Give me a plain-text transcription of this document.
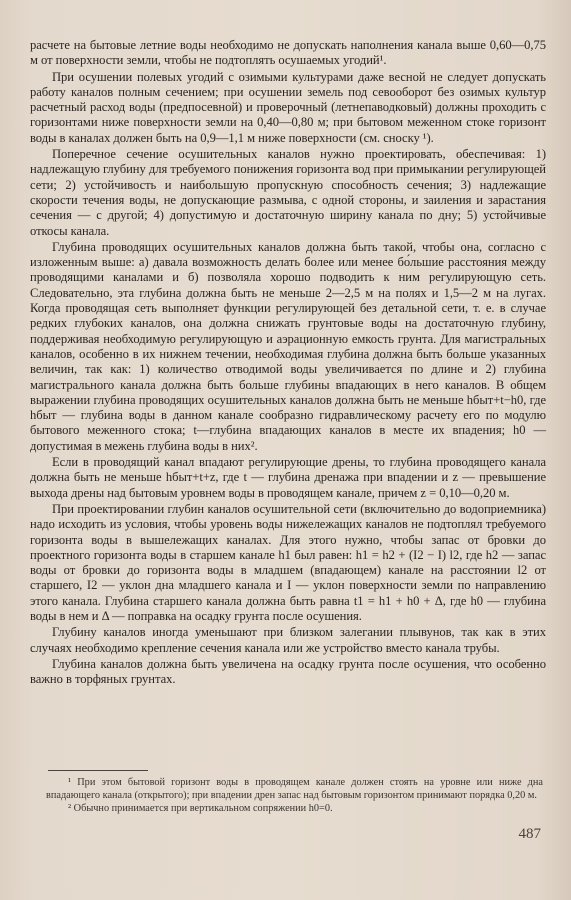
расчете на бытовые летние воды необходимо не допускать наполнения канала выше 0,60—0,75 м от поверхности земли, чтобы не подтоплять осушаемых угодий¹.

При осушении полевых угодий с озимыми культурами даже весной не следует допускать работу каналов полным сечением; при осушении земель под севооборот без озимых культур расчетный расход воды (предпосевной) и проверочный (летнепаводковый) должны проходить с горизонтами ниже поверхности земли на 0,40—0,80 м; при бытовом меженном стоке горизонт воды в каналах должен быть на 0,9—1,1 м ниже поверхности (см. сноску ¹).

Поперечное сечение осушительных каналов нужно проектировать, обеспечивая: 1) надлежащую глубину для требуемого понижения горизонта вод при примыкании регулирующей сети; 2) устойчивость и наибольшую пропускную способность сечения; 3) надлежащие скорости течения воды, не допускающие размыва, с одной стороны, и заиления и зарастания сечения — с другой; 4) допустимую и достаточную ширину канала по дну; 5) устойчивые откосы канала.

Глубина проводящих осушительных каналов должна быть такой, чтобы она, согласно с изложенным выше: а) давала возможность делать более или менее бо́льшие расстояния между проводящими каналами и б) позволяла хорошо подводить к ним регулирующую сеть. Следовательно, эта глубина должна быть не меньше 2—2,5 м на полях и 1,5—2 м на лугах. Когда проводящая сеть выполняет функции регулирующей без детальной сети, т. е. в случае редких глубоких каналов, она должна снижать грунтовые воды на достаточную глубину, поддерживая необходимую регулирующую и аэрационную емкость грунта. Для магистральных каналов, особенно в их нижнем течении, необходимая глубина должна быть больше указанных величин, так как: 1) количество отводимой воды увеличивается по длине и 2) глубина магистрального канала должна быть больше глубины впадающих в него каналов. В общем выражении глубина проводящих осушительных каналов должна быть не меньше hбыт+t−h0, где hбыт — глубина воды в данном канале сообразно гидравлическому расчету его по модулю бытового меженного стока; t—глубина впадающих каналов в месте их впадения; h0 — допустимая в межень глубина воды в них².

Если в проводящий канал впадают регулирующие дрены, то глубина проводящего канала должна быть не меньше hбыт+t+z, где t — глубина дренажа при впадении и z — превышение выхода дрены над бытовым уровнем воды в проводящем канале, причем z = 0,10—0,20 м.

При проектировании глубин каналов осушительной сети (включительно до водоприемника) надо исходить из условия, чтобы уровень воды нижележащих каналов не подтоплял требуемого горизонта воды в вышележащих каналах. Для этого нужно, чтобы запас от бровки до проектного горизонта воды в старшем канале h1 был равен: h1 = h2 + (I2 − I) l2, где h2 — запас воды от бровки до горизонта воды в младшем (впадающем) канале на расстоянии l2 от старшего, I2 — уклон дна младшего канала и I — уклон поверхности земли по направлению этого канала. Глубина старшего канала должна быть равна t1 = h1 + h0 + Δ, где h0 — глубина воды в нем и Δ — поправка на осадку грунта после осушения.

Глубину каналов иногда уменьшают при близком залегании плывунов, так как в этих случаях необходимо крепление сечения канала или же устройство вместо канала трубы.

Глубина каналов должна быть увеличена на осадку грунта после осушения, что особенно важно в торфяных грунтах.

¹ При этом бытовой горизонт воды в проводящем канале должен стоять на уровне или ниже дна впадающего канала (открытого); при впадении дрен запас над бытовым горизонтом принимают порядка 0,20 м.

² Обычно принимается при вертикальном сопряжении h0=0.

487
